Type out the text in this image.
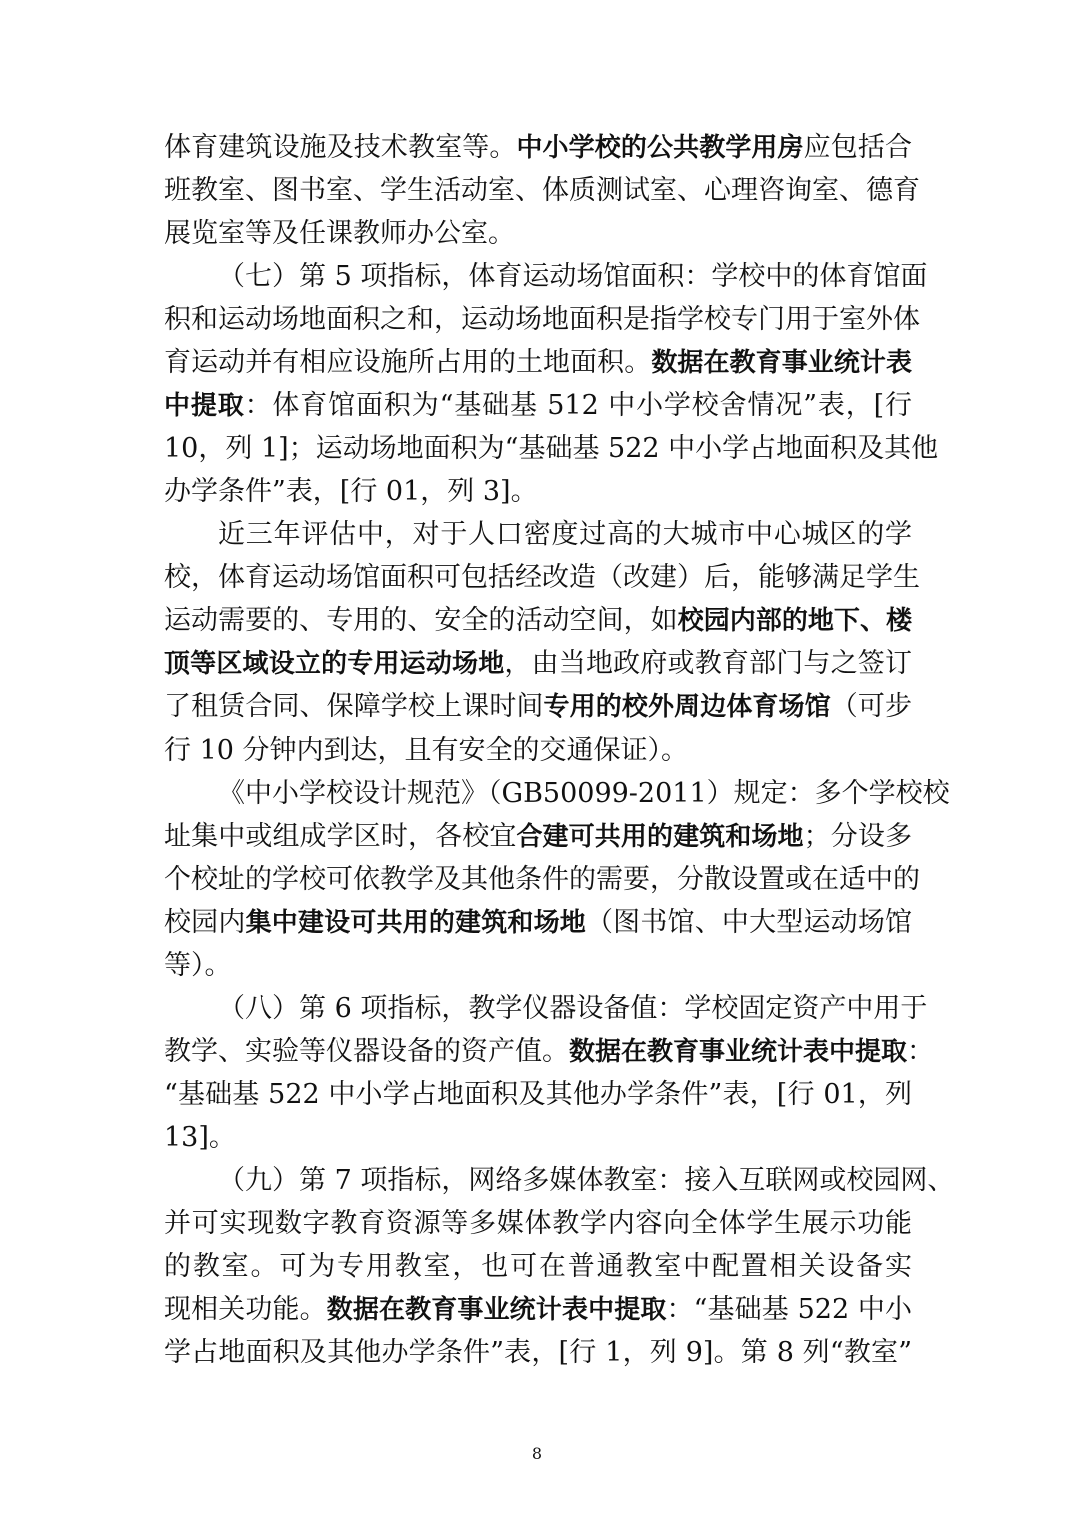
体育建筑设施及技术教室等。中小学校的公共教学用房应包括合
班教室、图书室、学生活动室、体质测试室、心理咨询室、德育
展览室等及任课教师办公室。
（七）第 5 项指标，体育运动场馆面积：学校中的体育馆面
积和运动场地面积之和，运动场地面积是指学校专门用于室外体
育运动并有相应设施所占用的土地面积。数据在教育事业统计表
中提取：体育馆面积为“基础基 512 中小学校舍情况”表，[行
10，列 1]；运动场地面积为“基础基 522 中小学占地面积及其他
办学条件”表，[行 01，列 3]。
近三年评估中，对于人口密度过高的大城市中心城区的学
校，体育运动场馆面积可包括经改造（改建）后，能够满足学生
运动需要的、专用的、安全的活动空间，如校园内部的地下、楼
顶等区域设立的专用运动场地，由当地政府或教育部门与之签订
了租赁合同、保障学校上课时间专用的校外周边体育场馆（可步
行 10 分钟内到达，且有安全的交通保证）。
《中小学校设计规范》（GB50099-2011）规定：多个学校校
址集中或组成学区时，各校宜合建可共用的建筑和场地；分设多
个校址的学校可依教学及其他条件的需要，分散设置或在适中的
校园内集中建设可共用的建筑和场地（图书馆、中大型运动场馆
等）。
（八）第 6 项指标，教学仪器设备值：学校固定资产中用于
教学、实验等仪器设备的资产值。数据在教育事业统计表中提取：
“基础基 522 中小学占地面积及其他办学条件”表，[行 01，列
13]。
（九）第 7 项指标，网络多媒体教室：接入互联网或校园网、
并可实现数字教育资源等多媒体教学内容向全体学生展示功能
的教室。可为专用教室，也可在普通教室中配置相关设备实
现相关功能。数据在教育事业统计表中提取：“基础基 522 中小
学占地面积及其他办学条件”表，[行 1，列 9]。第 8 列“教室”
8
